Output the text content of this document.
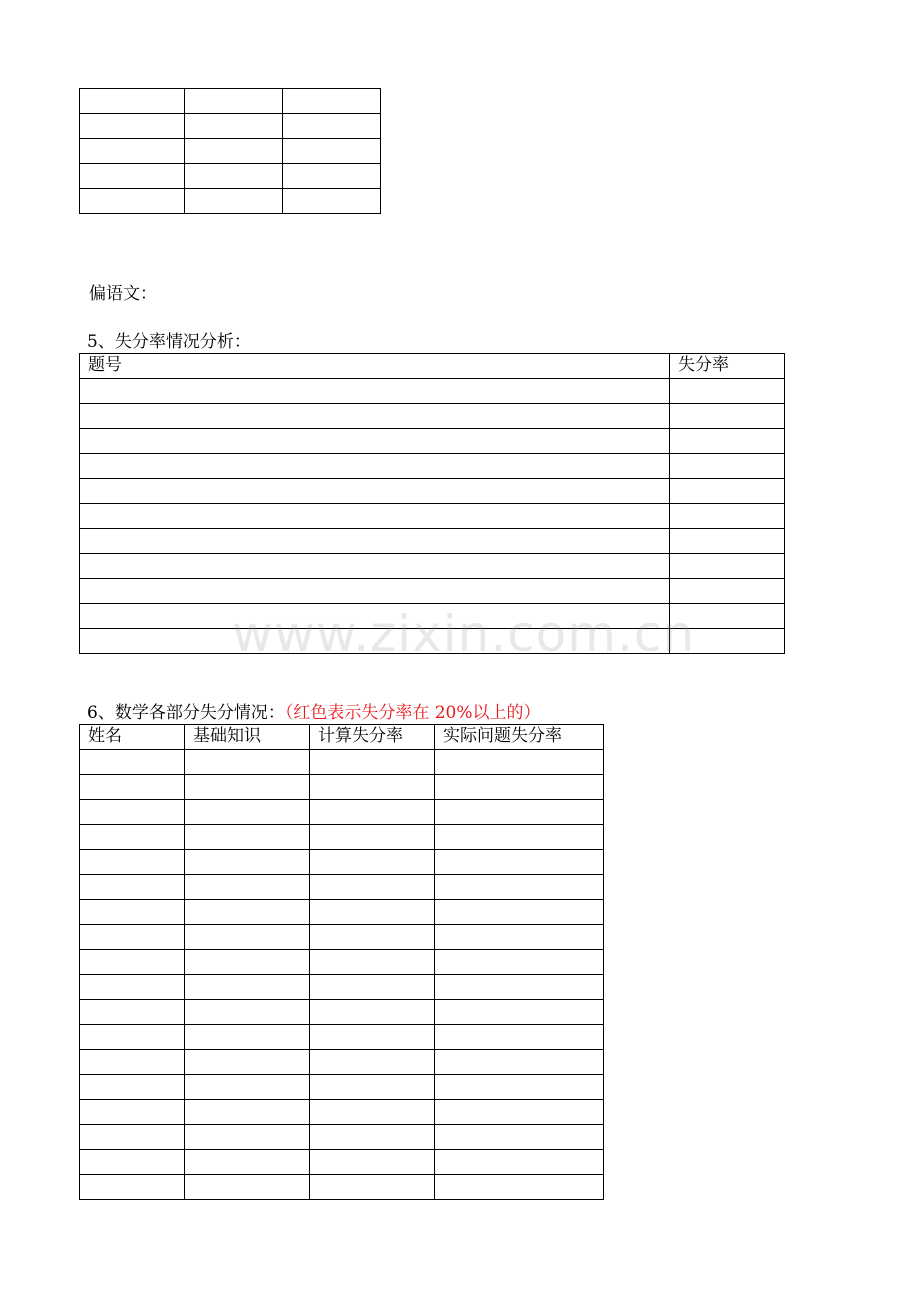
偏语文：
5、失分率情况分析：
题号	失分率

www.zixin.com.cn
6、数学各部分失分情况：（红色表示失分率在 20%以上的）
姓名	基础知识	计算失分率	实际问题失分率
